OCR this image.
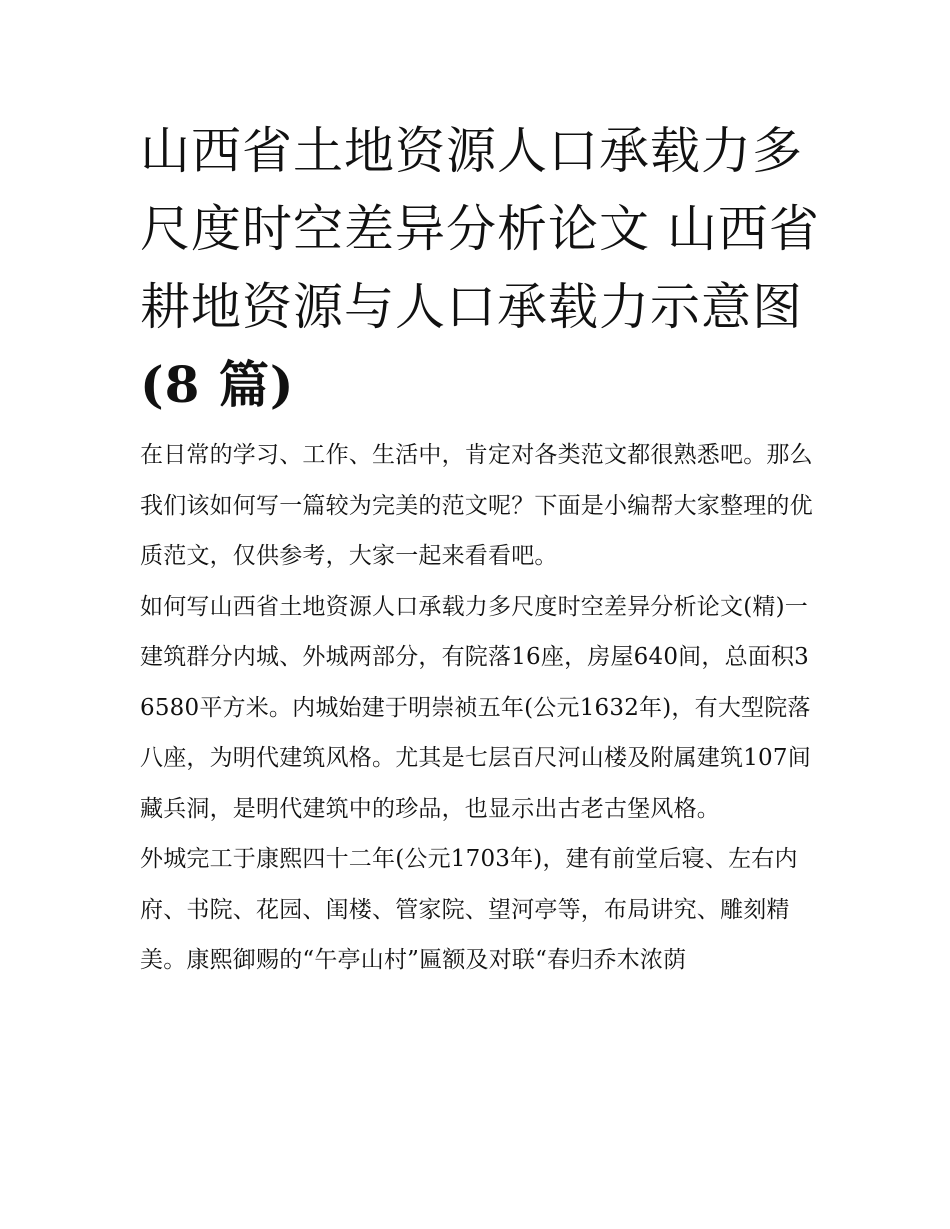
山西省土地资源人口承载力多尺度时空差异分析论文 山西省耕地资源与人口承载力示意图
(8 篇)

在日常的学习、工作、生活中，肯定对各类范文都很熟悉吧。那么我们该如何写一篇较为完美的范文呢？下面是小编帮大家整理的优质范文，仅供参考，大家一起来看看吧。

如何写山西省土地资源人口承载力多尺度时空差异分析论文(精)一

建筑群分内城、外城两部分，有院落16座，房屋640间，总面积36580平方米。内城始建于明崇祯五年(公元1632年)，有大型院落八座，为明代建筑风格。尤其是七层百尺河山楼及附属建筑107间藏兵洞，是明代建筑中的珍品，也显示出古老古堡风格。

外城完工于康熙四十二年(公元1703年)，建有前堂后寝、左右内府、书院、花园、闺楼、管家院、望河亭等，布局讲究、雕刻精美。康熙御赐的“午亭山村”匾额及对联“春归乔木浓荫
